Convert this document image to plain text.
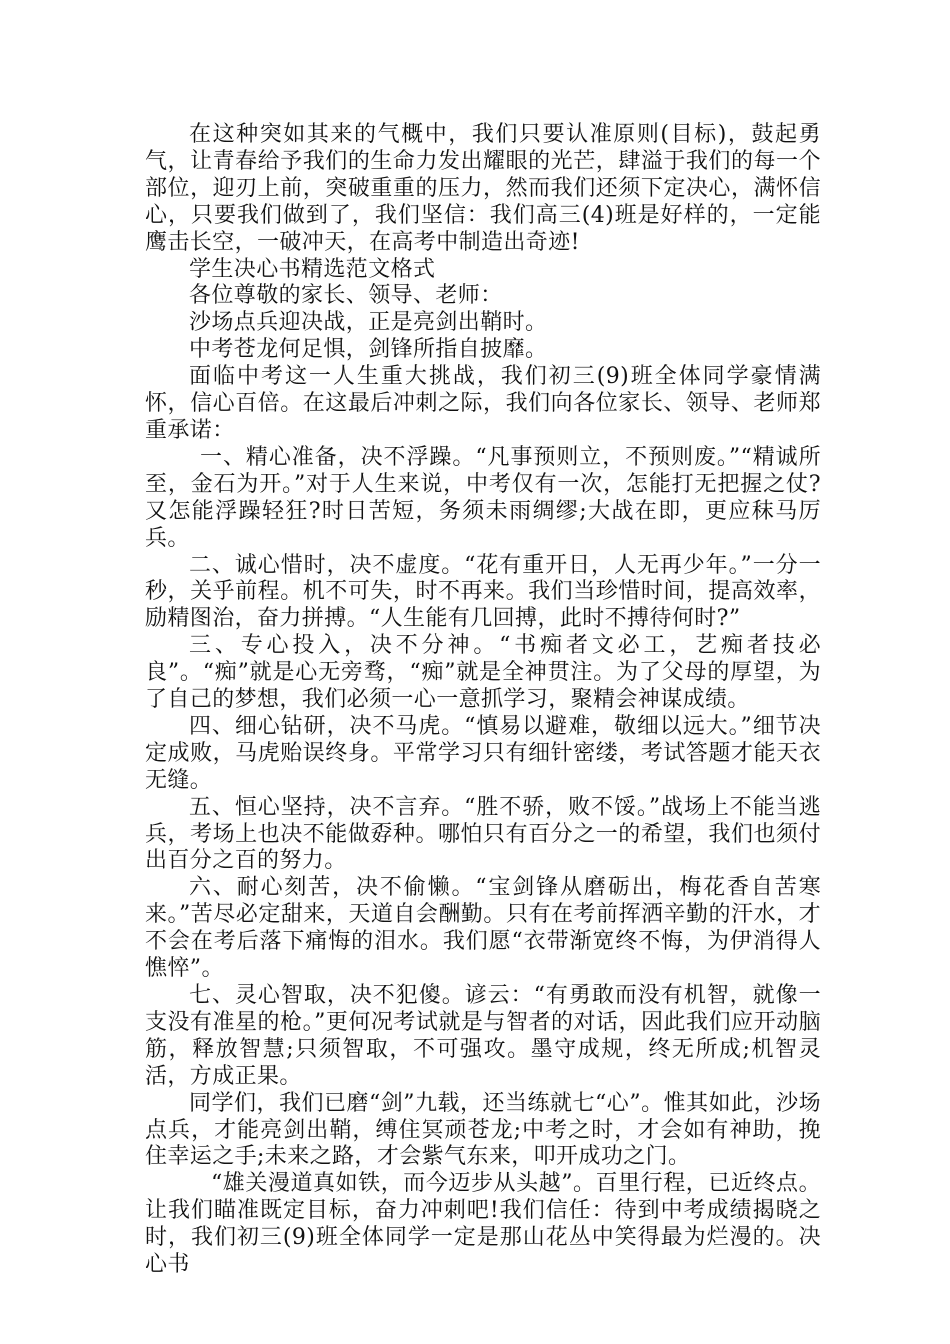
在这种突如其来的气概中，我们只要认准原则(目标)，鼓起勇气，让青春给予我们的生命力发出耀眼的光芒，肆溢于我们的每一个部位，迎刃上前，突破重重的压力，然而我们还须下定决心，满怀信心，只要我们做到了，我们坚信：我们高三(4)班是好样的，一定能鹰击长空，一破冲天，在高考中制造出奇迹!

学生决心书精选范文格式

各位尊敬的家长、领导、老师：

沙场点兵迎决战，正是亮剑出鞘时。

中考苍龙何足惧，剑锋所指自披靡。

面临中考这一人生重大挑战，我们初三(9)班全体同学豪情满怀，信心百倍。在这最后冲刺之际，我们向各位家长、领导、老师郑重承诺：

一、精心准备，决不浮躁。“凡事预则立，不预则废。”“精诚所至，金石为开。”对于人生来说，中考仅有一次，怎能打无把握之仗?又怎能浮躁轻狂?时日苦短，务须未雨绸缪;大战在即，更应秣马厉兵。

二、诚心惜时，决不虚度。“花有重开日，人无再少年。”一分一秒，关乎前程。机不可失，时不再来。我们当珍惜时间，提高效率，励精图治，奋力拼搏。“人生能有几回搏，此时不搏待何时?”

三、专心投入，决不分神。“书痴者文必工，艺痴者技必良”。“痴”就是心无旁骛，“痴”就是全神贯注。为了父母的厚望，为了自己的梦想，我们必须一心一意抓学习，聚精会神谋成绩。

四、细心钻研，决不马虎。“慎易以避难，敬细以远大。”细节决定成败，马虎贻误终身。平常学习只有细针密缕，考试答题才能天衣无缝。

五、恒心坚持，决不言弃。“胜不骄，败不馁。”战场上不能当逃兵，考场上也决不能做孬种。哪怕只有百分之一的希望，我们也须付出百分之百的努力。

六、耐心刻苦，决不偷懒。“宝剑锋从磨砺出，梅花香自苦寒来。”苦尽必定甜来，天道自会酬勤。只有在考前挥洒辛勤的汗水，才不会在考后落下痛悔的泪水。我们愿“衣带渐宽终不悔，为伊消得人憔悴”。

七、灵心智取，决不犯傻。谚云：“有勇敢而没有机智，就像一支没有准星的枪。”更何况考试就是与智者的对话，因此我们应开动脑筋，释放智慧;只须智取，不可强攻。墨守成规，终无所成;机智灵活，方成正果。

同学们，我们已磨“剑”九载，还当练就七“心”。惟其如此，沙场点兵，才能亮剑出鞘，缚住冥顽苍龙;中考之时，才会如有神助，挽住幸运之手;未来之路，才会紫气东来，叩开成功之门。

“雄关漫道真如铁，而今迈步从头越”。百里行程，已近终点。让我们瞄准既定目标，奋力冲刺吧!我们信任：待到中考成绩揭晓之时，我们初三(9)班全体同学一定是那山花丛中笑得最为烂漫的。决心书
